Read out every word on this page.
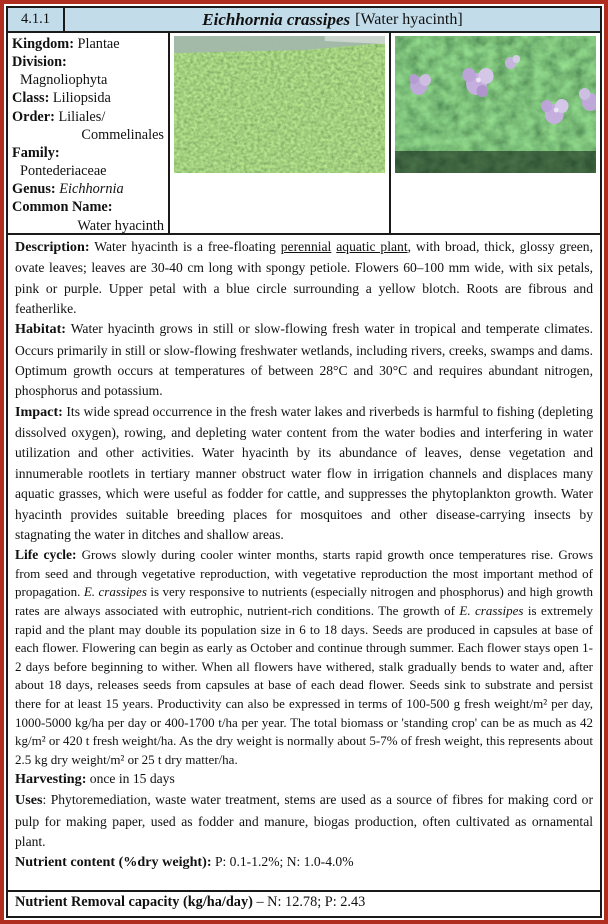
4.1.1	Eichhornia crassipes [Water hyacinth]
Kingdom: Plantae
Division:
Magnoliophyta
Class: Liliopsida
Order: Liliales/
Commelinales
Family:
Pontederiaceae
Genus: Eichhornia
Common Name:
Water hyacinth

Description: Water hyacinth is a free-floating perennial aquatic plant, with broad, thick, glossy green, ovate leaves; leaves are 30-40 cm long with spongy petiole. Flowers 60–100 mm wide, with six petals, pink or purple. Upper petal with a blue circle surrounding a yellow blotch. Roots are fibrous and featherlike.

Habitat: Water hyacinth grows in still or slow-flowing fresh water in tropical and temperate climates. Occurs primarily in still or slow-flowing freshwater wetlands, including rivers, creeks, swamps and dams. Optimum growth occurs at temperatures of between 28°C and 30°C and requires abundant nitrogen, phosphorus and potassium.

Impact: Its wide spread occurrence in the fresh water lakes and riverbeds is harmful to fishing (depleting dissolved oxygen), rowing, and depleting water content from the water bodies and interfering in water utilization and other activities. Water hyacinth by its abundance of leaves, dense vegetation and innumerable rootlets in tertiary manner obstruct water flow in irrigation channels and displaces many aquatic grasses, which were useful as fodder for cattle, and suppresses the phytoplankton growth. Water hyacinth provides suitable breeding places for mosquitoes and other disease-carrying insects by stagnating the water in ditches and shallow areas.

Life cycle: Grows slowly during cooler winter months, starts rapid growth once temperatures rise. Grows from seed and through vegetative reproduction, with vegetative reproduction the most important method of propagation. E. crassipes is very responsive to nutrients (especially nitrogen and phosphorus) and high growth rates are always associated with eutrophic, nutrient-rich conditions. The growth of E. crassipes is extremely rapid and the plant may double its population size in 6 to 18 days. Seeds are produced in capsules at base of each flower. Flowering can begin as early as October and continue through summer. Each flower stays open 1-2 days before beginning to wither. When all flowers have withered, stalk gradually bends to water and, after about 18 days, releases seeds from capsules at base of each dead flower. Seeds sink to substrate and persist there for at least 15 years. Productivity can also be expressed in terms of 100-500 g fresh weight/m² per day, 1000-5000 kg/ha per day or 400-1700 t/ha per year. The total biomass or 'standing crop' can be as much as 42 kg/m² or 420 t fresh weight/ha. As the dry weight is normally about 5-7% of fresh weight, this represents about 2.5 kg dry weight/m² or 25 t dry matter/ha.

Harvesting: once in 15 days

Uses: Phytoremediation, waste water treatment, stems are used as a source of fibres for making cord or pulp for making paper, used as fodder and manure, biogas production, often cultivated as ornamental plant.

Nutrient content (%dry weight): P: 0.1-1.2%; N: 1.0-4.0%

Nutrient Removal capacity (kg/ha/day) – N: 12.78; P: 2.43
